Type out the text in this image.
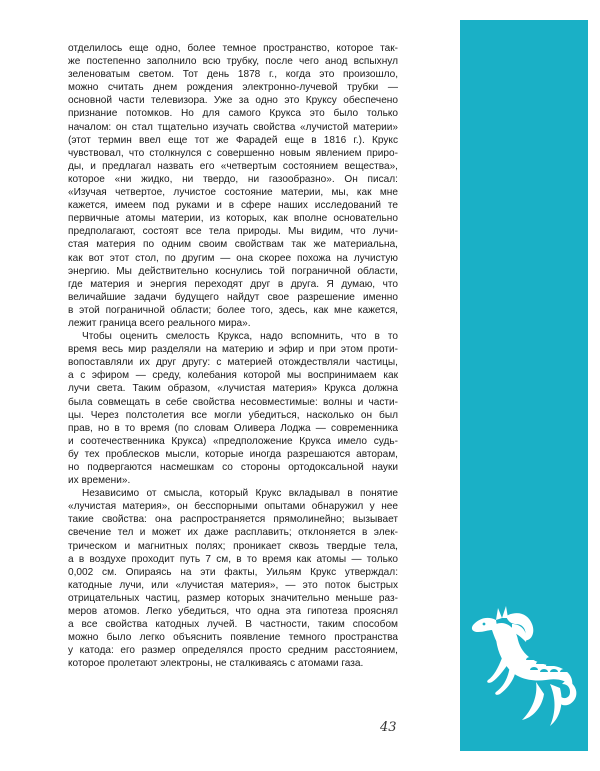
отделилось еще одно, более темное пространство, которое так-
же постепенно заполнило всю трубку, после чего анод вспыхнул
зеленоватым светом. Тот день 1878 г., когда это произошло,
можно считать днем рождения электронно-лучевой трубки —
основной части телевизора. Уже за одно это Круксу обеспечено
признание потомков. Но для самого Крукса это было только
началом: он стал тщательно изучать свойства «лучистой материи»
(этот термин ввел еще тот же Фарадей еще в 1816 г.). Крукс
чувствовал, что столкнулся с совершенно новым явлением приро-
ды, и предлагал назвать его «четвертым состоянием вещества»,
которое «ни жидко, ни твердо, ни газообразно». Он писал:
«Изучая четвертое, лучистое состояние материи, мы, как мне
кажется, имеем под руками и в сфере наших исследований те
первичные атомы материи, из которых, как вполне основательно
предполагают, состоят все тела природы. Мы видим, что лучи-
стая материя по одним своим свойствам так же материальна,
как вот этот стол, по другим — она скорее похожа на лучистую
энергию. Мы действительно коснулись той пограничной области,
где материя и энергия переходят друг в друга. Я думаю, что
величайшие задачи будущего найдут свое разрешение именно
в этой пограничной области; более того, здесь, как мне кажется,
лежит граница всего реального мира».
Чтобы оценить смелость Крукса, надо вспомнить, что в то
время весь мир разделяли на материю и эфир и при этом проти-
вопоставляли их друг другу: с материей отождествляли частицы,
а с эфиром — среду, колебания которой мы воспринимаем как
лучи света. Таким образом, «лучистая материя» Крукса должна
была совмещать в себе свойства несовместимые: волны и части-
цы. Через полстолетия все могли убедиться, насколько он был
прав, но в то время (по словам Оливера Лоджа — современника
и соотечественника Крукса) «предположение Крукса имело судь-
бу тех проблесков мысли, которые иногда разрешаются авторам,
но подвергаются насмешкам со стороны ортодоксальной науки
их времени».
Независимо от смысла, который Крукс вкладывал в понятие
«лучистая материя», он бесспорными опытами обнаружил у нее
такие свойства: она распространяется прямолинейно; вызывает
свечение тел и может их даже расплавить; отклоняется в элек-
трическом и магнитных полях; проникает сквозь твердые тела,
а в воздухе проходит путь 7 см, в то время как атомы — только
0,002 см. Опираясь на эти факты, Уильям Крукс утверждал:
катодные лучи, или «лучистая материя», — это поток быстрых
отрицательных частиц, размер которых значительно меньше раз-
меров атомов. Легко убедиться, что одна эта гипотеза прояснял
а все свойства катодных лучей. В частности, таким способом
можно было легко объяснить появление темного пространства
у катода: его размер определялся просто средним расстоянием,
которое пролетают электроны, не сталкиваясь с атомами газа.
43
